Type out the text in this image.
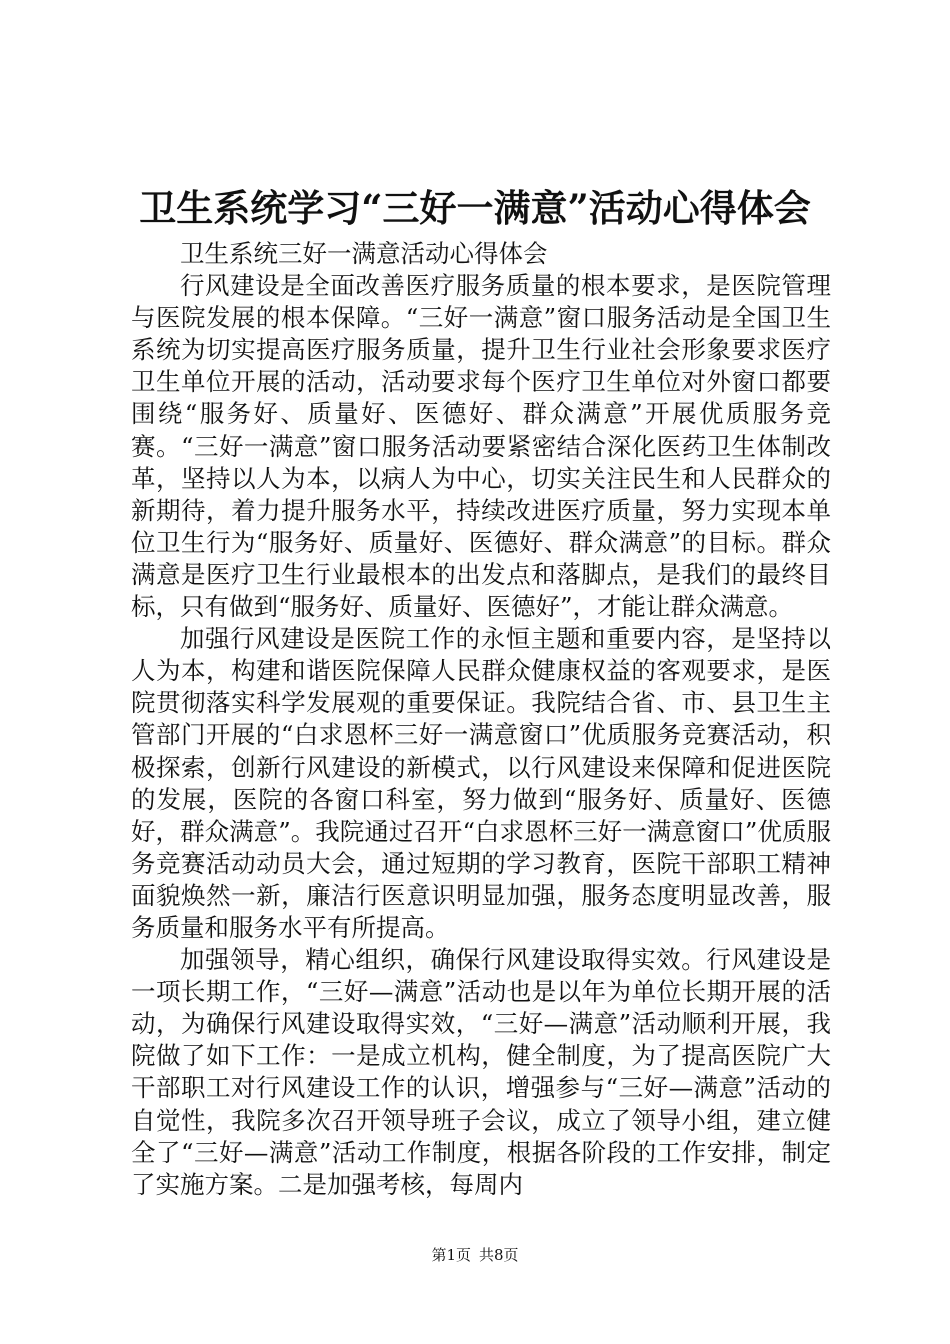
卫生系统学习“三好一满意”活动心得体会

卫生系统三好一满意活动心得体会

行风建设是全面改善医疗服务质量的根本要求，是医院管理与医院发展的根本保障。“三好一满意”窗口服务活动是全国卫生系统为切实提高医疗服务质量，提升卫生行业社会形象要求医疗卫生单位开展的活动，活动要求每个医疗卫生单位对外窗口都要围绕“服务好、质量好、医德好、群众满意”开展优质服务竞赛。“三好一满意”窗口服务活动要紧密结合深化医药卫生体制改革，坚持以人为本，以病人为中心，切实关注民生和人民群众的新期待，着力提升服务水平，持续改进医疗质量，努力实现本单位卫生行为“服务好、质量好、医德好、群众满意”的目标。群众满意是医疗卫生行业最根本的出发点和落脚点，是我们的最终目标，只有做到“服务好、质量好、医德好”，才能让群众满意。

加强行风建设是医院工作的永恒主题和重要内容，是坚持以人为本，构建和谐医院保障人民群众健康权益的客观要求，是医院贯彻落实科学发展观的重要保证。我院结合省、市、县卫生主管部门开展的“白求恩杯三好一满意窗口”优质服务竞赛活动，积极探索，创新行风建设的新模式，以行风建设来保障和促进医院的发展，医院的各窗口科室，努力做到“服务好、质量好、医德好，群众满意”。我院通过召开“白求恩杯三好一满意窗口”优质服务竞赛活动动员大会，通过短期的学习教育，医院干部职工精神面貌焕然一新，廉洁行医意识明显加强，服务态度明显改善，服务质量和服务水平有所提高。

加强领导，精心组织，确保行风建设取得实效。行风建设是一项长期工作，“三好—满意”活动也是以年为单位长期开展的活动，为确保行风建设取得实效，“三好—满意”活动顺利开展，我院做了如下工作：一是成立机构，健全制度，为了提高医院广大干部职工对行风建设工作的认识，增强参与“三好—满意”活动的自觉性，我院多次召开领导班子会议，成立了领导小组，建立健全了“三好—满意”活动工作制度，根据各阶段的工作安排，制定了实施方案。二是加强考核，每周内

第1页 共8页
